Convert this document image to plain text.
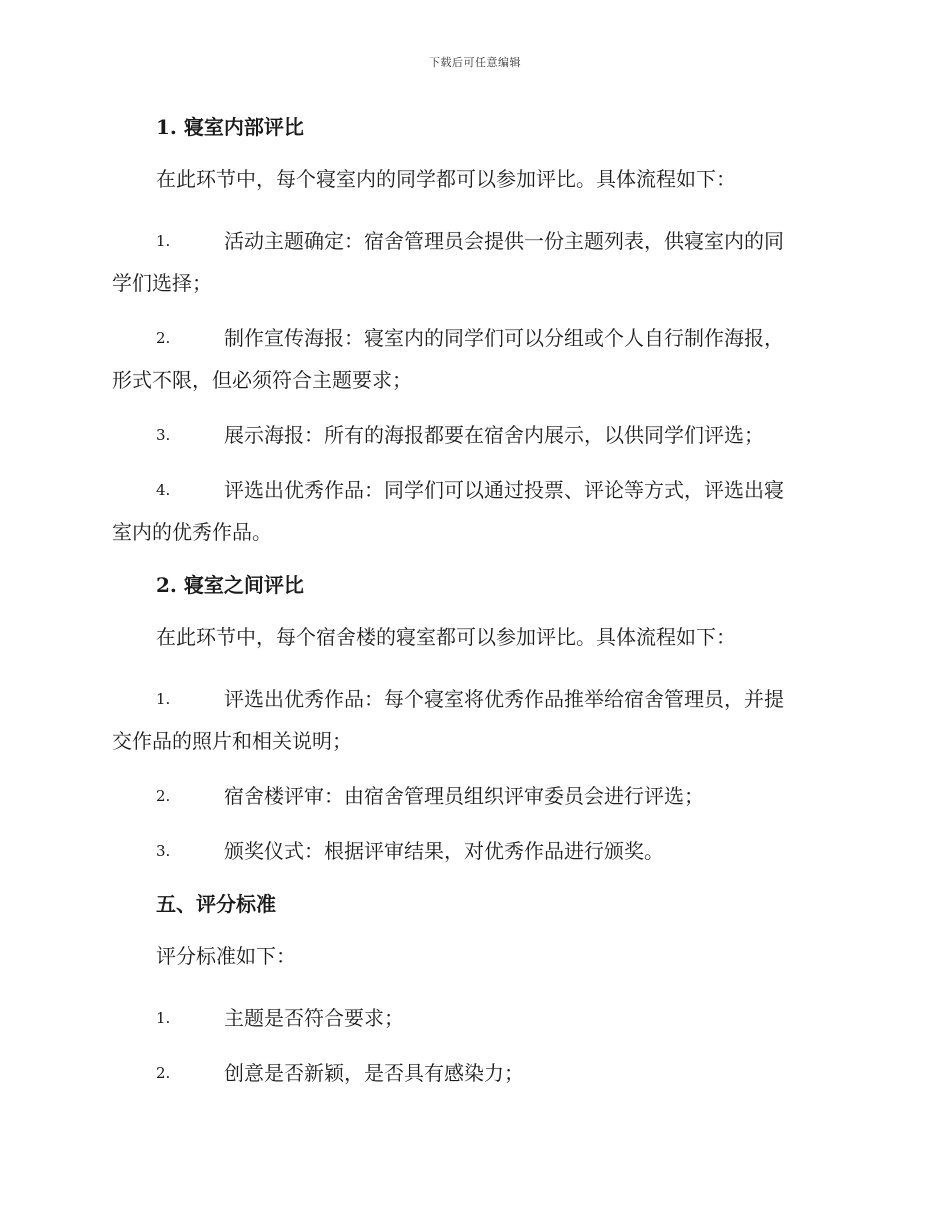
下载后可任意编辑
1. 寝室内部评比
在此环节中，每个寝室内的同学都可以参加评比。具体流程如下：
1.	活动主题确定：宿舍管理员会提供一份主题列表，供寝室内的同
学们选择；
2.	制作宣传海报：寝室内的同学们可以分组或个人自行制作海报，
形式不限，但必须符合主题要求；
3.	展示海报：所有的海报都要在宿舍内展示，以供同学们评选；
4.	评选出优秀作品：同学们可以通过投票、评论等方式，评选出寝
室内的优秀作品。
2. 寝室之间评比
在此环节中，每个宿舍楼的寝室都可以参加评比。具体流程如下：
1.	评选出优秀作品：每个寝室将优秀作品推举给宿舍管理员，并提
交作品的照片和相关说明；
2.	宿舍楼评审：由宿舍管理员组织评审委员会进行评选；
3.	颁奖仪式：根据评审结果，对优秀作品进行颁奖。
五、评分标准
评分标准如下：
1.	主题是否符合要求；
2.	创意是否新颖，是否具有感染力；
